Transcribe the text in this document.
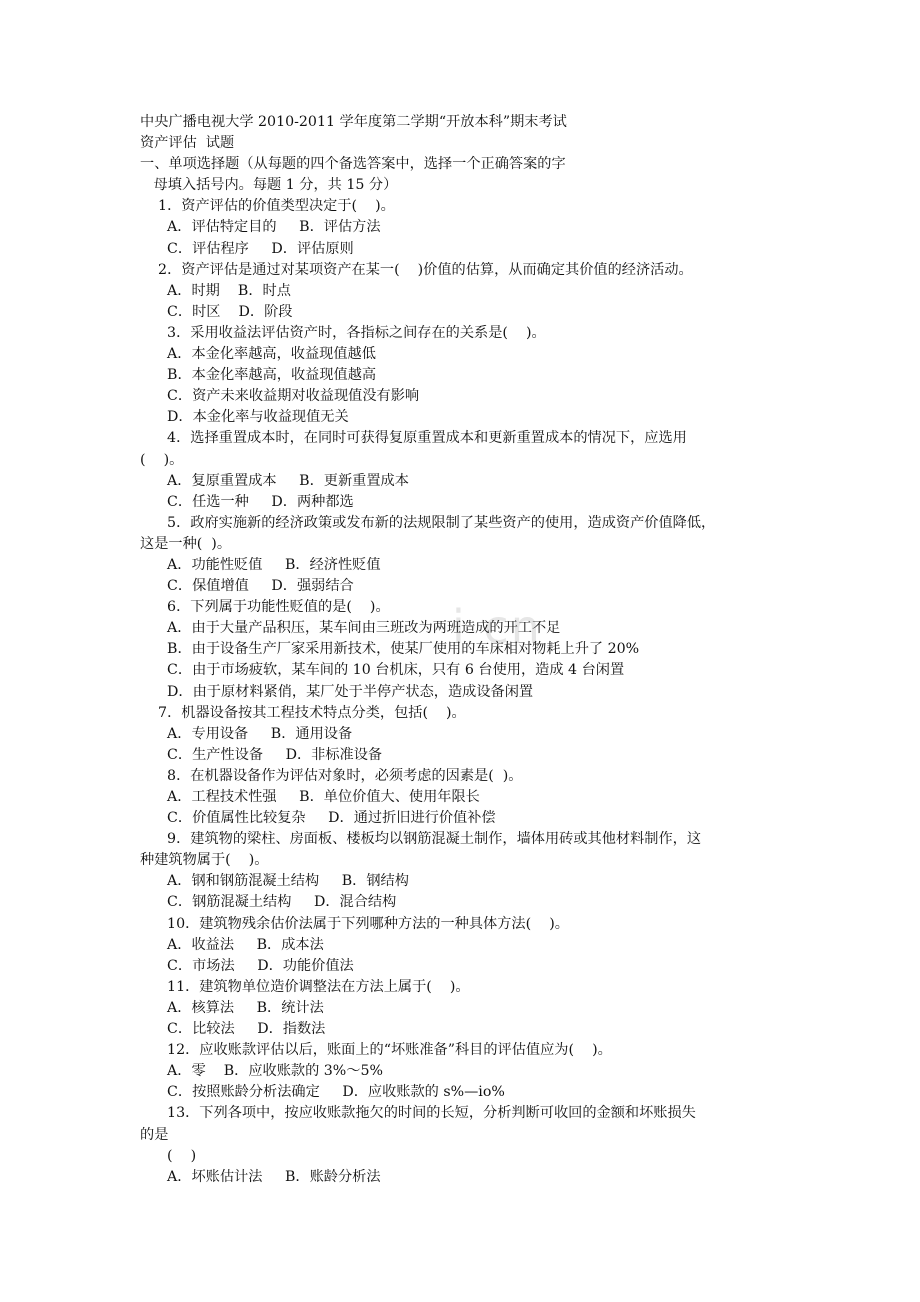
i cn
中央广播电视大学 2010-2011 学年度第二学期“开放本科”期末考试
资产评估  试题
一、单项选择题（从每题的四个备选答案中，选择一个正确答案的字
母填入括号内。每题 1 分，共 15 分）
1．资产评估的价值类型决定于(    )。
A．评估特定目的     B．评估方法
C．评估程序     D．评估原则
2．资产评估是通过对某项资产在某一(    )价值的估算，从而确定其价值的经济活动。
A．时期    B．时点
C．时区    D．阶段
3．采用收益法评估资产时，各指标之间存在的关系是(    )。
A．本金化率越高，收益现值越低
B．本金化率越高，收益现值越高
C．资产未来收益期对收益现值没有影响
D．本金化率与收益现值无关
4．选择重置成本时，在同时可获得复原重置成本和更新重置成本的情况下，应选用
(    )。
A．复原重置成本     B．更新重置成本
C．任选一种     D．两种都选
5．政府实施新的经济政策或发布新的法规限制了某些资产的使用，造成资产价值降低，
这是一种(  )。
A．功能性贬值     B．经济性贬值
C．保值增值     D．强弱结合
6．下列属于功能性贬值的是(    )。
A．由于大量产品积压，某车间由三班改为两班造成的开工不足
B．由于设备生产厂家采用新技术，使某厂使用的车床相对物耗上升了 20%
C．由于市场疲软，某车间的 10 台机床，只有 6 台使用，造成 4 台闲置
D．由于原材料紧俏，某厂处于半停产状态，造成设备闲置
7．机器设备按其工程技术特点分类，包括(    )。
A．专用设备     B．通用设备
C．生产性设备     D．非标准设备
8．在机器设备作为评估对象时，必须考虑的因素是(  )。
A．工程技术性强     B．单位价值大、使用年限长
C．价值属性比较复杂     D．通过折旧进行价值补偿
9．建筑物的梁柱、房面板、楼板均以钢筋混凝土制作，墙体用砖或其他材料制作，这
种建筑物属于(    )。
A．钢和钢筋混凝土结构     B．钢结构
C．钢筋混凝土结构     D．混合结构
10．建筑物残余估价法属于下列哪种方法的一种具体方法(    )。
A．收益法     B．成本法
C．市场法     D．功能价值法
11．建筑物单位造价调整法在方法上属于(    )。
A．核算法     B．统计法
C．比较法     D．指数法
12．应收账款评估以后，账面上的“坏账准备”科目的评估值应为(    )。
A．零    B．应收账款的 3%～5%
C．按照账龄分析法确定     D．应收账款的 s%—io%
13．下列各项中，按应收账款拖欠的时间的长短，分析判断可收回的金额和坏账损失
的是
(    )
A．坏账估计法     B．账龄分析法
